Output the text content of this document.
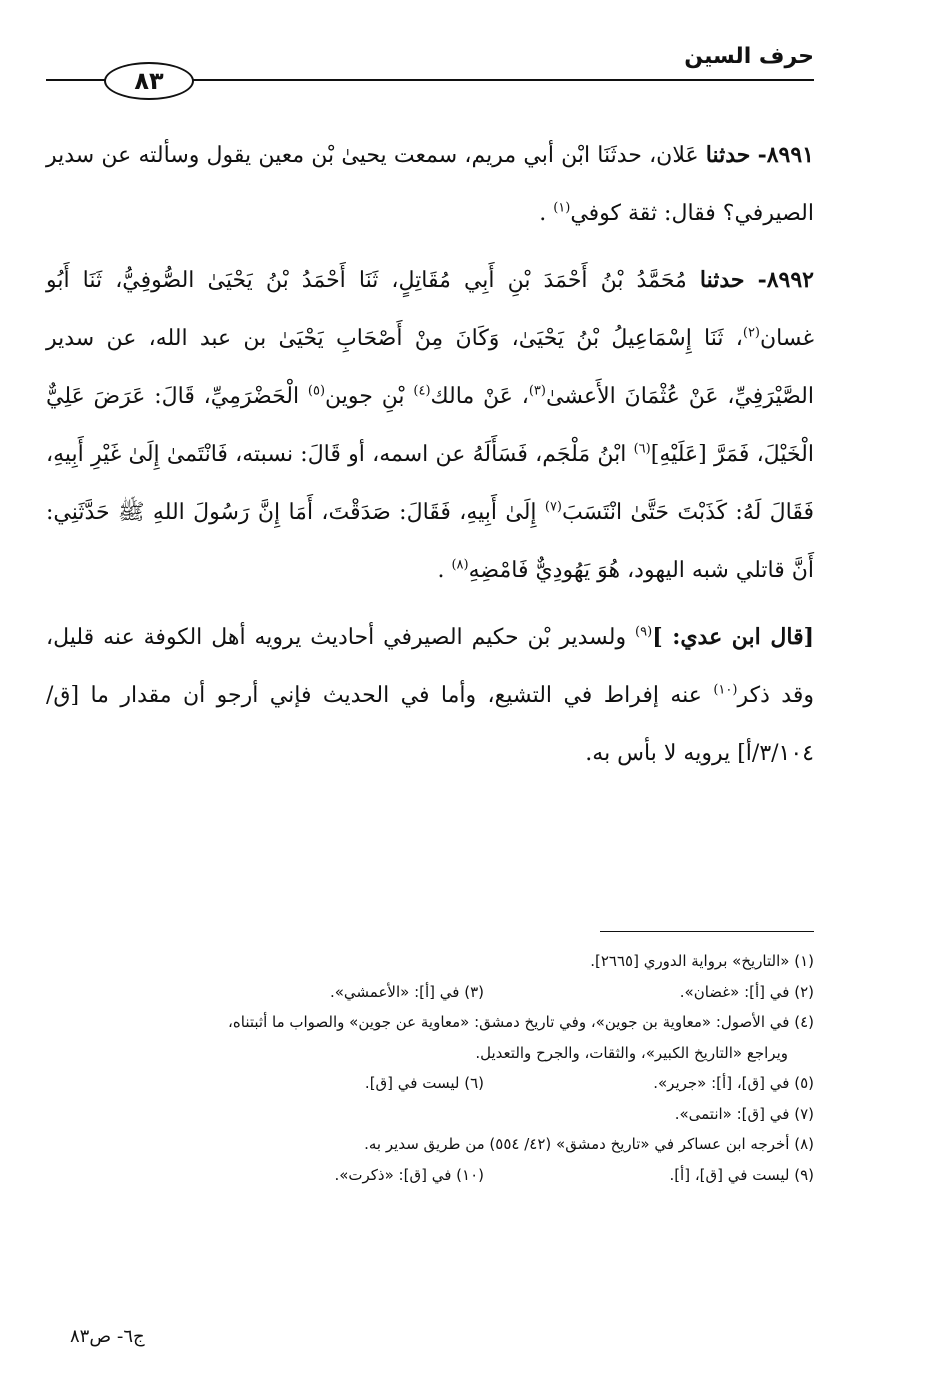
حرف السين
٨٣

٨٩٩١- حدثنا عَلان، حدثَنَا ابْن أبي مريم، سمعت يحيىٰ بْن معين يقول وسألته عن سدير الصيرفي؟ فقال: ثقة كوفي$^{(١)}$ .

٨٩٩٢- حدثنا مُحَمَّدُ بْنُ أَحْمَدَ بْنِ أَبِي مُقَاتِلٍ، ثَنَا أَحْمَدُ بْنُ يَحْيَىٰ الصُّوفِيُّ، ثَنَا أَبُو غسان$^{(٢)}$، ثَنَا إِسْمَاعِيلُ بْنُ يَحْيَىٰ، وَكَانَ مِنْ أَصْحَابِ يَحْيَىٰ بن عبد الله، عن سدير الصَّيْرَفِيِّ، عَنْ عُثْمَانَ الأَعشىٰ$^{(٣)}$، عَنْ مالك$^{(٤)}$ بْنِ جوين$^{(٥)}$ الْحَضْرَمِيِّ، قَالَ: عَرَضَ عَلِيٌّ الْخَيْلَ، فَمَرَّ [عَلَيْهِ]$^{(٦)}$ ابْنُ مَلْجَم، فَسَأَلَهُ عن اسمه، أو قَالَ: نسبته، فَانْتَمىٰ إِلَىٰ غَيْرِ أَبِيهِ، فَقَالَ لَهُ: كَذَبْتَ حَتَّىٰ انْتَسَبَ$^{(٧)}$ إِلَىٰ أَبِيهِ، فَقَالَ: صَدَقْتَ، أَمَا إِنَّ رَسُولَ اللهِ ﷺ حَدَّثَنِي: أَنَّ قاتلي شبه اليهود، هُوَ يَهُودِيٌّ فَامْضِهِ$^{(٨)}$ .

[قال ابن عدي: ]$^{(٩)}$ ولسدير بْن حكيم الصيرفي أحاديث يرويه أهل الكوفة عنه قليل، وقد ذكر$^{(١٠)}$ عنه إفراط في التشيع، وأما في الحديث فإني أرجو أن مقدار ما [ق/٣/١٠٤/أ] يرويه لا بأس به.

(١) «التاريخ» برواية الدوري [٢٦٦٥].
(٢) في [أ]: «غضان».
(٣) في [أ]: «الأعمشي».
(٤) في الأصول: «معاوية بن جوين»، وفي تاريخ دمشق: «معاوية عن جوين» والصواب ما أثبتناه،
ويراجع «التاريخ الكبير»، والثقات، والجرح والتعديل.
(٥) في [ق]، [أ]: «جرير».
(٦) ليست في [ق].
(٧) في [ق]: «انتمى».
(٨) أخرجه ابن عساكر في «تاريخ دمشق» (٤٢/ ٥٥٤) من طريق سدير به.
(٩) ليست في [ق]، [أ].
(١٠) في [ق]: «ذكرت».
ج٦- ص٨٣
